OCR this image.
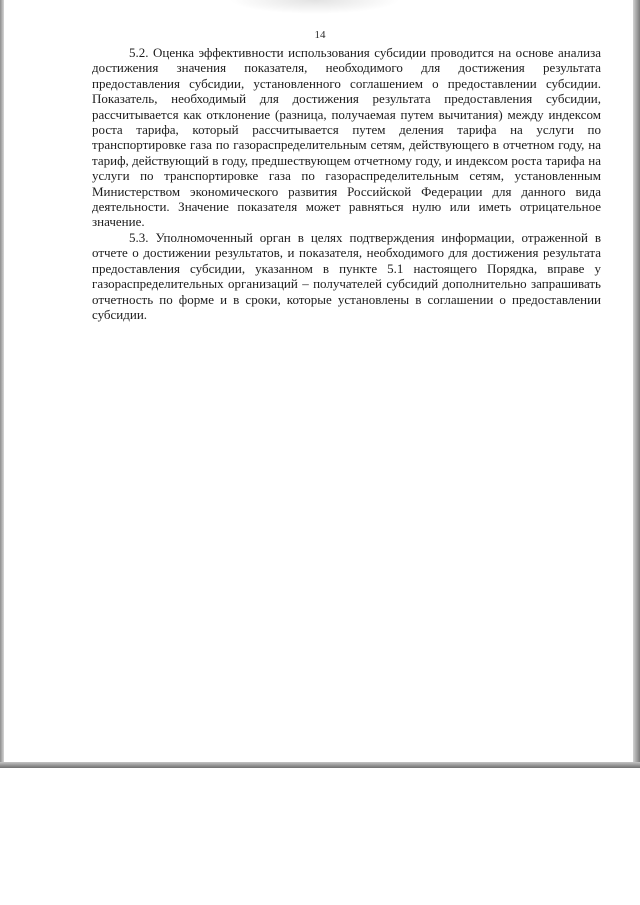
14

5.2. Оценка эффективности использования субсидии проводится на основе анализа достижения значения показателя, необходимого для достижения результата предоставления субсидии, установленного соглашением о предоставлении субсидии. Показатель, необходимый для достижения результата предоставления субсидии, рассчитывается как отклонение (разница, получаемая путем вычитания) между индексом роста тарифа, который рассчитывается путем деления тарифа на услуги по транспортировке газа по газораспределительным сетям, действующего в отчетном году, на тариф, действующий в году, предшествующем отчетному году, и индексом роста тарифа на услуги по транспортировке газа по газораспределительным сетям, установленным Министерством экономического развития Российской Федерации для данного вида деятельности. Значение показателя может равняться нулю или иметь отрицательное значение.

5.3. Уполномоченный орган в целях подтверждения информации, отраженной в отчете о достижении результатов, и показателя, необходимого для достижения результата предоставления субсидии, указанном в пункте 5.1 настоящего Порядка, вправе у газораспределительных организаций – получателей субсидий дополнительно запрашивать отчетность по форме и в сроки, которые установлены в соглашении о предоставлении субсидии.
